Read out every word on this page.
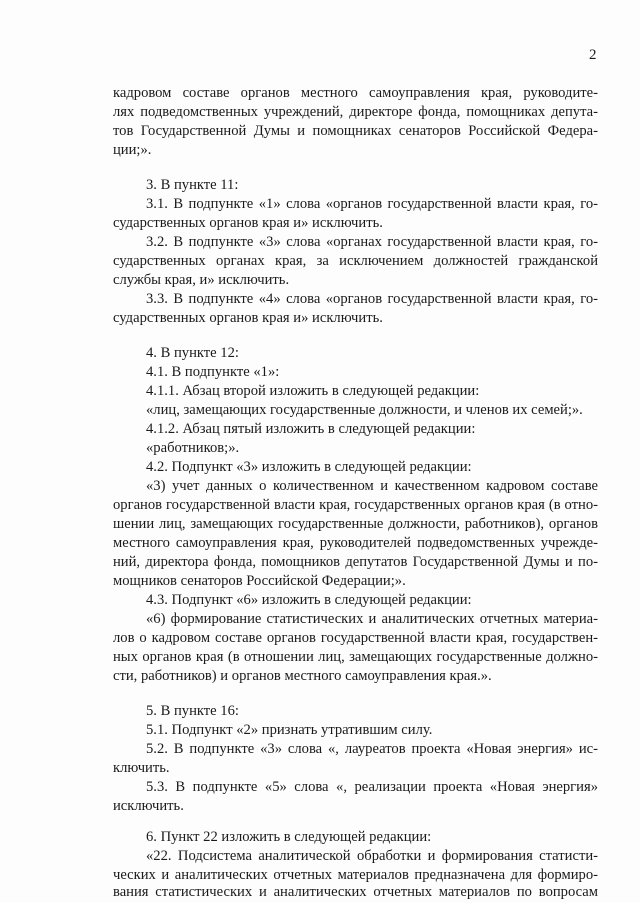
2
кадровом составе органов местного самоуправления края, руководите-
лях подведомственных учреждений, директоре фонда, помощниках депута-
тов Государственной Думы и помощниках сенаторов Российской Федера-
ции;».
3. В пункте 11:
3.1. В подпункте «1» слова «органов государственной власти края, го-
сударственных органов края и» исключить.
3.2. В подпункте «3» слова «органах государственной власти края, го-
сударственных органах края, за исключением должностей гражданской
службы края, и» исключить.
3.3. В подпункте «4» слова «органов государственной власти края, го-
сударственных органов края и» исключить.
4. В пункте 12:
4.1. В подпункте «1»:
4.1.1. Абзац второй изложить в следующей редакции:
«лиц, замещающих государственные должности, и членов их семей;».
4.1.2. Абзац пятый изложить в следующей редакции:
«работников;».
4.2. Подпункт «3» изложить в следующей редакции:
«3) учет данных о количественном и качественном кадровом составе
органов государственной власти края, государственных органов края (в отно-
шении лиц, замещающих государственные должности, работников), органов
местного самоуправления края, руководителей подведомственных учрежде-
ний, директора фонда, помощников депутатов Государственной Думы и по-
мощников сенаторов Российской Федерации;».
4.3. Подпункт «6» изложить в следующей редакции:
«6) формирование статистических и аналитических отчетных материа-
лов о кадровом составе органов государственной власти края, государствен-
ных органов края (в отношении лиц, замещающих государственные должно-
сти, работников) и органов местного самоуправления края.».
5. В пункте 16:
5.1. Подпункт «2» признать утратившим силу.
5.2. В подпункте «3» слова «, лауреатов проекта «Новая энергия» ис-
ключить.
5.3. В подпункте «5» слова «, реализации проекта «Новая энергия»
исключить.
6. Пункт 22 изложить в следующей редакции:
«22. Подсистема аналитической обработки и формирования статисти-
ческих и аналитических отчетных материалов предназначена для формиро-
вания статистических и аналитических отчетных материалов по вопросам
